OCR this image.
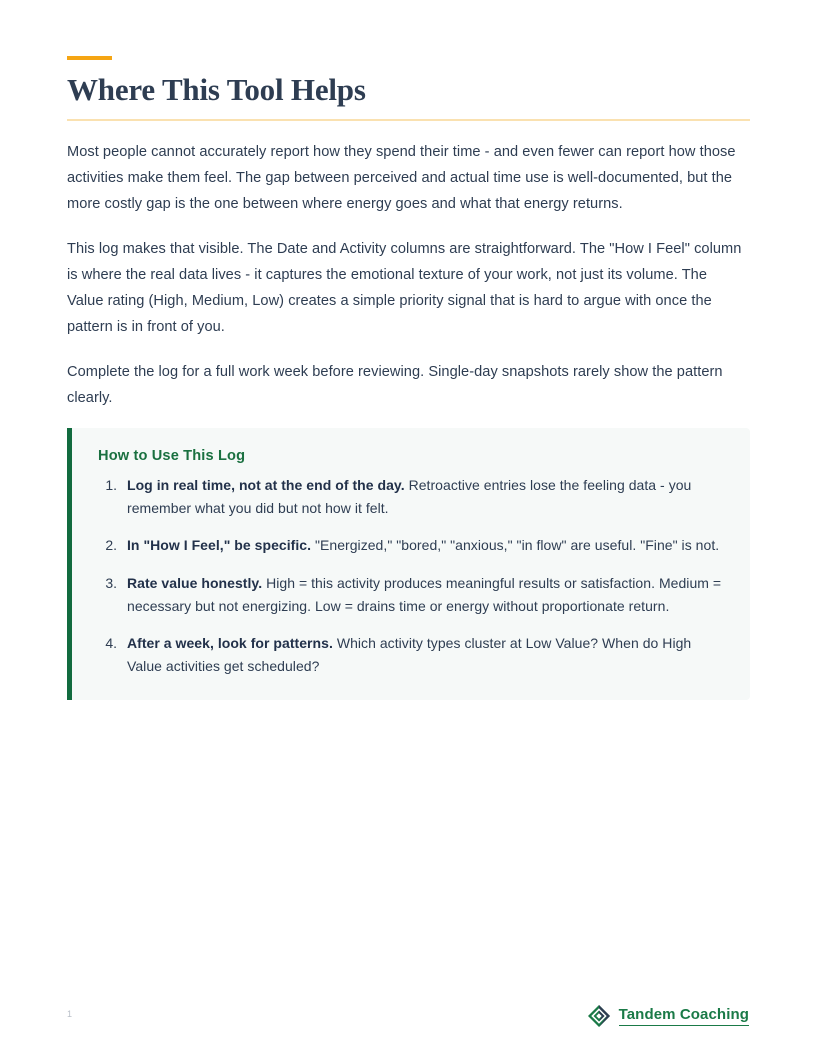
Where This Tool Helps

Most people cannot accurately report how they spend their time - and even fewer can report how those activities make them feel. The gap between perceived and actual time use is well-documented, but the more costly gap is the one between where energy goes and what that energy returns.

This log makes that visible. The Date and Activity columns are straightforward. The "How I Feel" column is where the real data lives - it captures the emotional texture of your work, not just its volume. The Value rating (High, Medium, Low) creates a simple priority signal that is hard to argue with once the pattern is in front of you.

Complete the log for a full work week before reviewing. Single-day snapshots rarely show the pattern clearly.

How to Use This Log
1. Log in real time, not at the end of the day. Retroactive entries lose the feeling data - you remember what you did but not how it felt.
2. In "How I Feel," be specific. "Energized," "bored," "anxious," "in flow" are useful. "Fine" is not.
3. Rate value honestly. High = this activity produces meaningful results or satisfaction. Medium = necessary but not energizing. Low = drains time or energy without proportionate return.
4. After a week, look for patterns. Which activity types cluster at Low Value? When do High Value activities get scheduled?
1	Tandem Coaching
